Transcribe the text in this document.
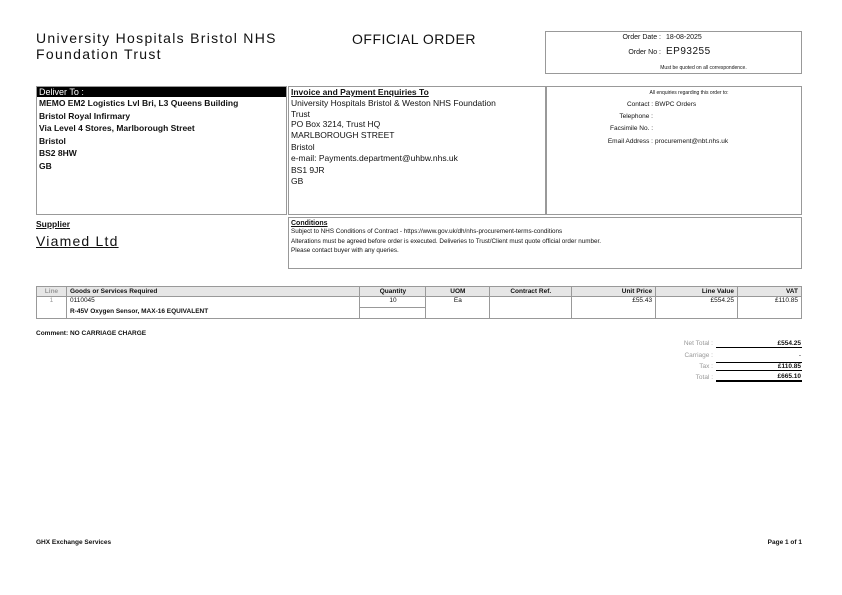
University Hospitals Bristol NHS
Foundation Trust
OFFICIAL ORDER	Order Date : 18-08-2025
Order No : EP93255
Must be quoted on all correspondence.
Deliver To :
MEMO EM2 Logistics Lvl Bri, L3 Queens Building
Bristol Royal Infirmary
Via Level 4 Stores, Marlborough Street
Bristol
BS2 8HW
GB
Invoice and Payment Enquiries To
University Hospitals Bristol & Weston NHS Foundation
Trust
PO Box 3214, Trust HQ
MARLBOROUGH STREET
Bristol
e-mail: Payments.department@uhbw.nhs.uk
BS1 9JR
GB
All enquiries regarding this order to:
Contact : BWPC Orders
Telephone :
Facsimile No. :
Email Address : procurement@nbt.nhs.uk
Supplier
Viamed Ltd
Conditions
Subject to NHS Conditions of Contract - https://www.gov.uk/dh/nhs-procurement-terms-conditions
Alterations must be agreed before order is executed. Deliveries to Trust/Client must quote official order number.
Please contact buyer with any queries.
Line	Goods or Services Required	Quantity	UOM	Contract Ref.	Unit Price	Line Value	VAT
1	0110045	10	Ea		£55.43	£554.25	£110.85
	R-45V Oxygen Sensor, MAX-16 EQUIVALENT						
Comment: NO CARRIAGE CHARGE
Net Total :	£554.25
Carriage :	-
Tax :	£110.85
Total :	£665.10
GHX Exchange Services	Page 1 of 1
